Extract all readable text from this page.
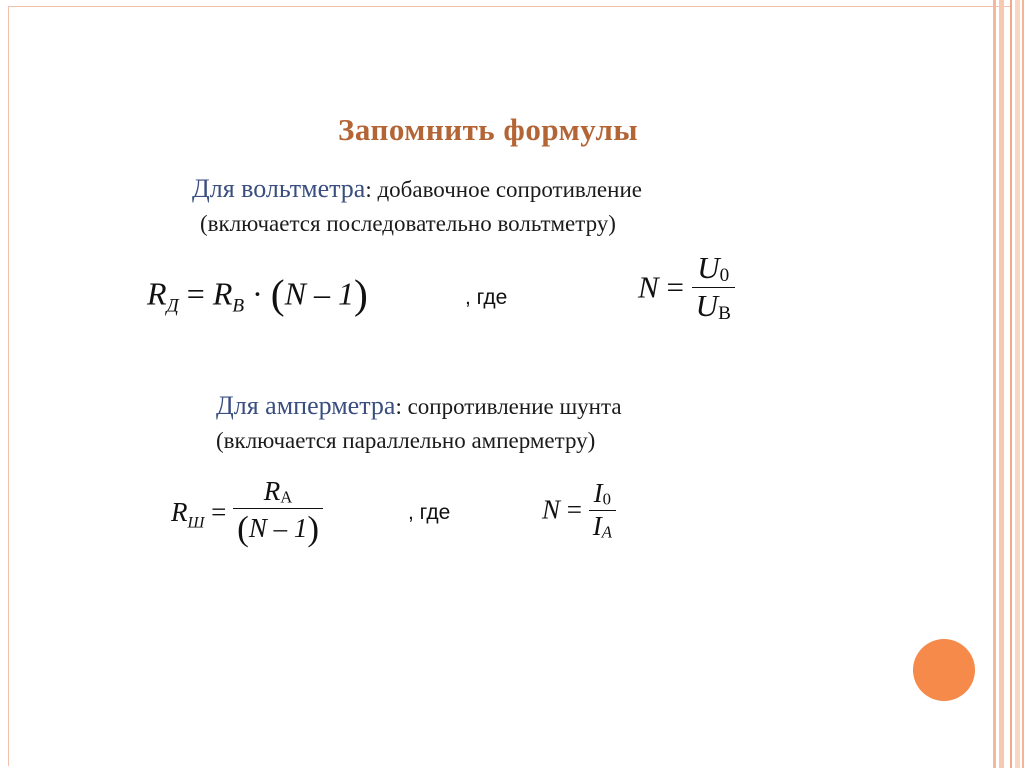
Запомнить формулы
Для вольтметра: добавочное сопротивление
(включается последовательно вольтметру)
$R_Д = R_В \cdot (N - 1)$	, где	$N = \frac{U0}{UВ}$
Для амперметра: сопротивление шунта
(включается параллельно амперметру)
$R_Ш = \frac{RА}{(N - 1)}$	, где	$N = \frac{I0}{IА}$
